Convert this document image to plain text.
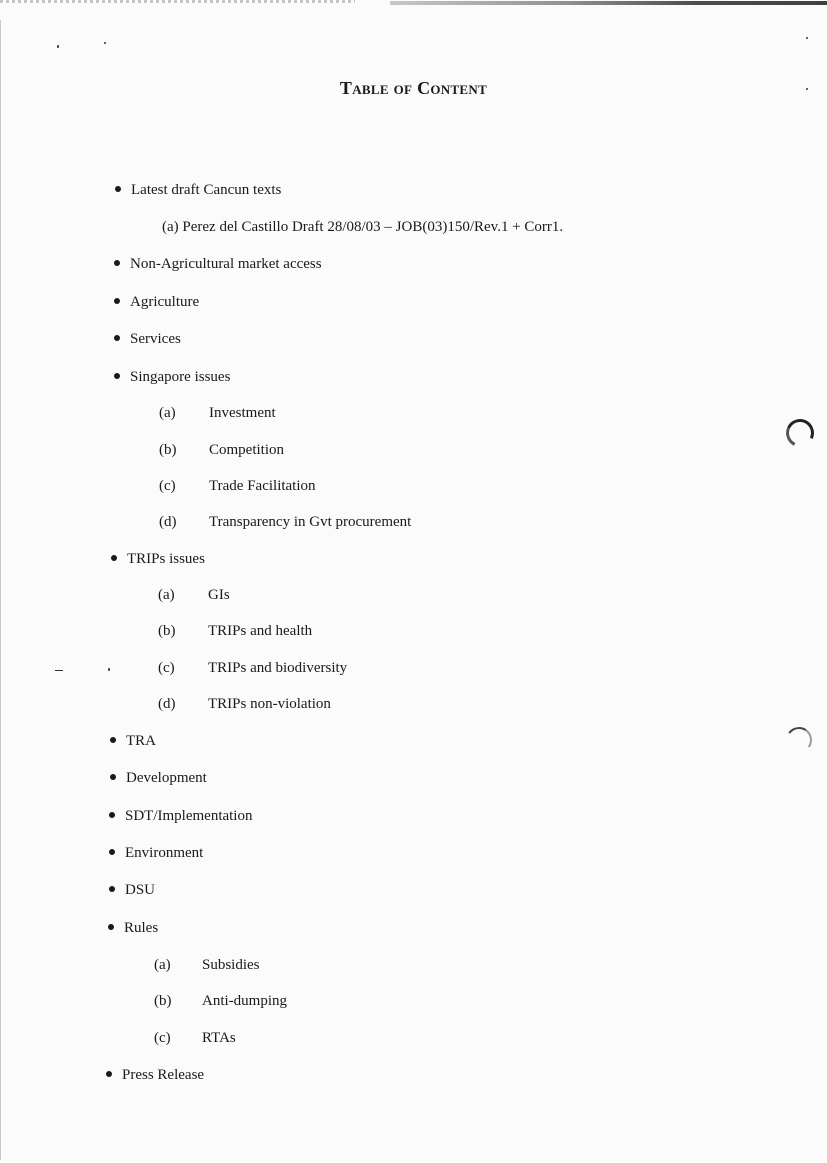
Table of Content
Latest draft Cancun texts
(a) Perez del Castillo Draft 28/08/03 – JOB(03)150/Rev.1 + Corr1.
Non-Agricultural market access
Agriculture
Services
Singapore issues
(a) Investment
(b) Competition
(c) Trade Facilitation
(d) Transparency in Gvt procurement
TRIPs issues
(a) GIs
(b) TRIPs and health
(c) TRIPs and biodiversity
(d) TRIPs non-violation
TRA
Development
SDT/Implementation
Environment
DSU
Rules
(a) Subsidies
(b) Anti-dumping
(c) RTAs
Press Release
